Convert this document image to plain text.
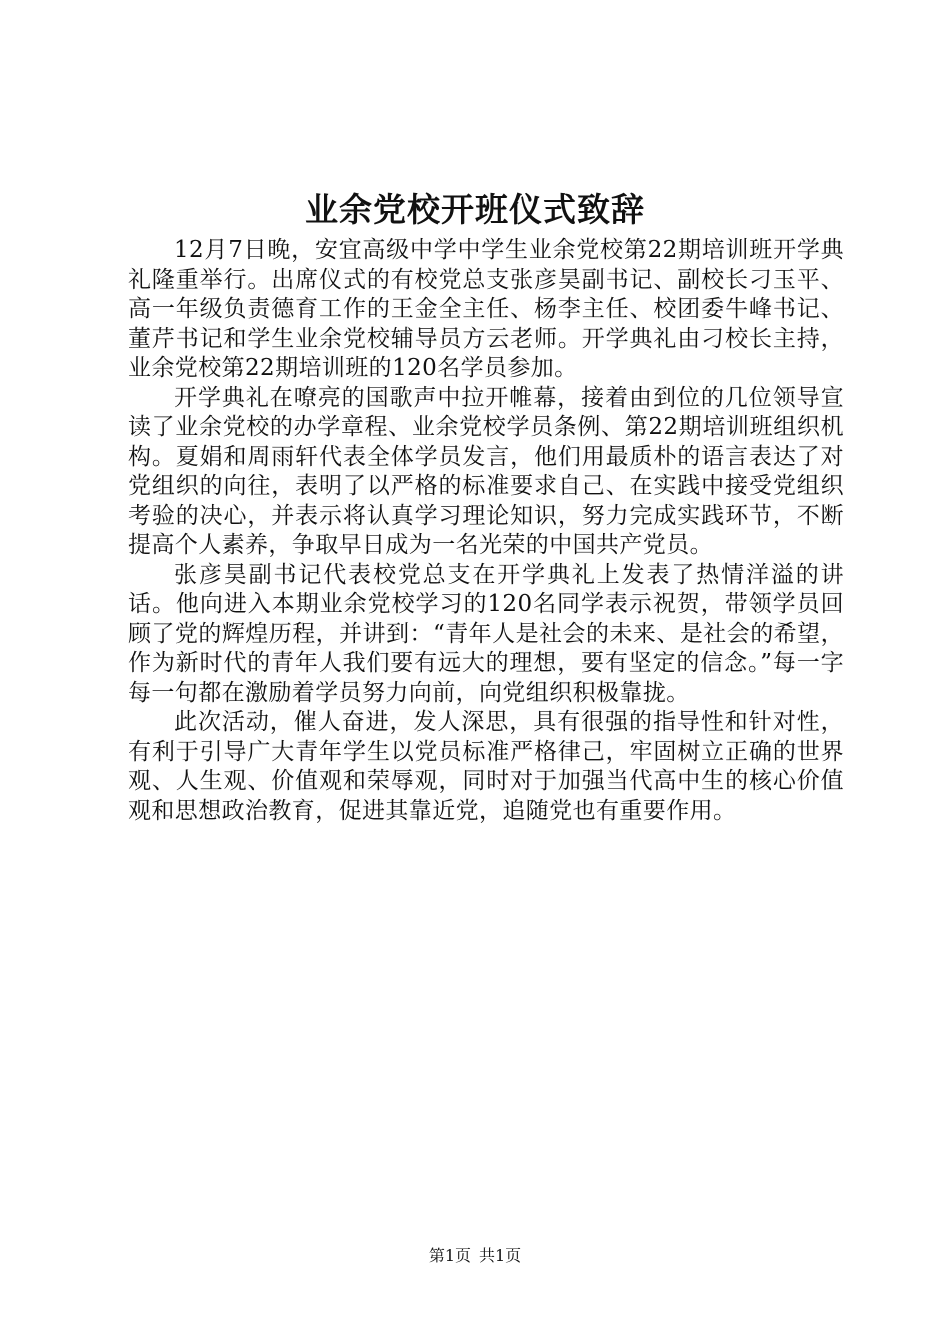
业余党校开班仪式致辞

12月7日晚，安宜高级中学中学生业余党校第22期培训班开学典礼隆重举行。出席仪式的有校党总支张彦昊副书记、副校长刁玉平、高一年级负责德育工作的王金全主任、杨李主任、校团委牛峰书记、董芹书记和学生业余党校辅导员方云老师。开学典礼由刁校长主持，业余党校第22期培训班的120名学员参加。

开学典礼在嘹亮的国歌声中拉开帷幕，接着由到位的几位领导宣读了业余党校的办学章程、业余党校学员条例、第22期培训班组织机构。夏娟和周雨轩代表全体学员发言，他们用最质朴的语言表达了对党组织的向往，表明了以严格的标准要求自己、在实践中接受党组织考验的决心，并表示将认真学习理论知识，努力完成实践环节，不断提高个人素养，争取早日成为一名光荣的中国共产党员。

张彦昊副书记代表校党总支在开学典礼上发表了热情洋溢的讲话。他向进入本期业余党校学习的120名同学表示祝贺，带领学员回顾了党的辉煌历程，并讲到：“青年人是社会的未来、是社会的希望，作为新时代的青年人我们要有远大的理想，要有坚定的信念。”每一字每一句都在激励着学员努力向前，向党组织积极靠拢。

此次活动，催人奋进，发人深思，具有很强的指导性和针对性，有利于引导广大青年学生以党员标准严格律己，牢固树立正确的世界观、人生观、价值观和荣辱观，同时对于加强当代高中生的核心价值观和思想政治教育，促进其靠近党，追随党也有重要作用。

第1页 共1页
